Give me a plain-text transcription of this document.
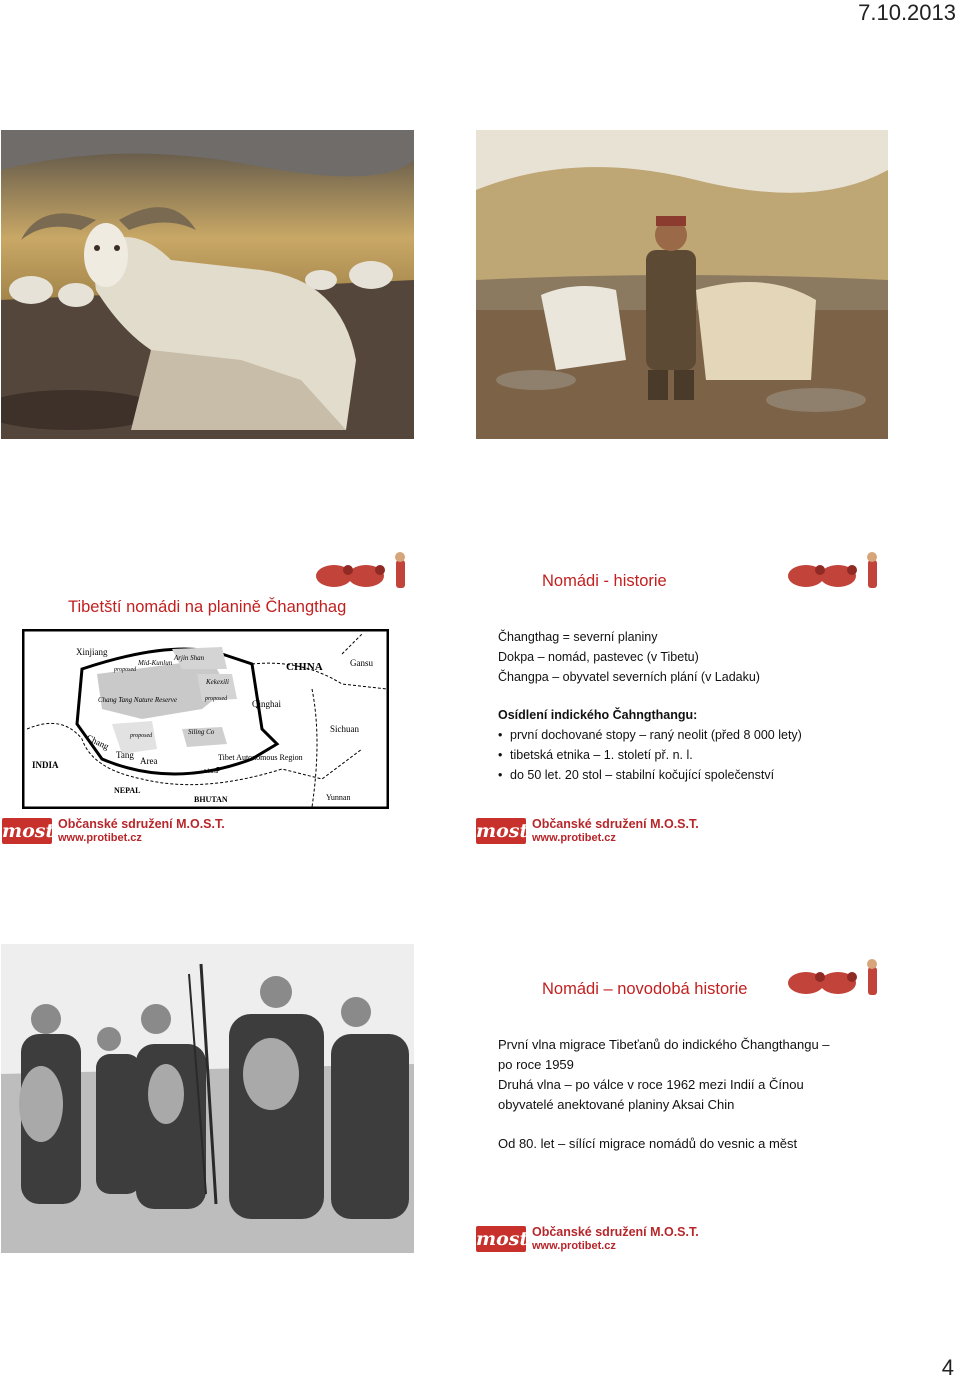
7.10.2013
Tibetští nomádi na planině Čhangthag
Xinjiang
Arjin Shan
Mid-Kunlun
proposed
Kekexili
proposed
CHINA	Gansu
Qinghai
Chang Tang Nature Reserve
Chang
Tang
Area
proposed	Siling Co	Sichuan
INDIA
Tibet Autonomous Region
Lhasa
NEPAL
BHUTAN	Yunnan
most Občanské sdružení M.O.S.T.
www.protibet.cz
Nomádi - historie
Čhangthag = severní planiny
Dokpa – nomád, pastevec (v Tibetu)
Čhangpa – obyvatel severních plání (v Ladaku)
Osídlení indického Čahngthangu:
• první dochované stopy – raný neolit (před 8 000 lety)
• tibetská etnika – 1. století př. n. l.
• do 50 let. 20 stol – stabilní kočující společenství
most Občanské sdružení M.O.S.T.
www.protibet.cz
Nomádi – novodobá historie
První vlna migrace Tibeťanů do indického Čhangthangu –
po roce 1959
Druhá vlna – po válce v roce 1962 mezi Indií a Čínou
obyvatelé anektované planiny Aksai Chin
Od 80. let – sílící migrace nomádů do vesnic a měst
most Občanské sdružení M.O.S.T.
www.protibet.cz
4
